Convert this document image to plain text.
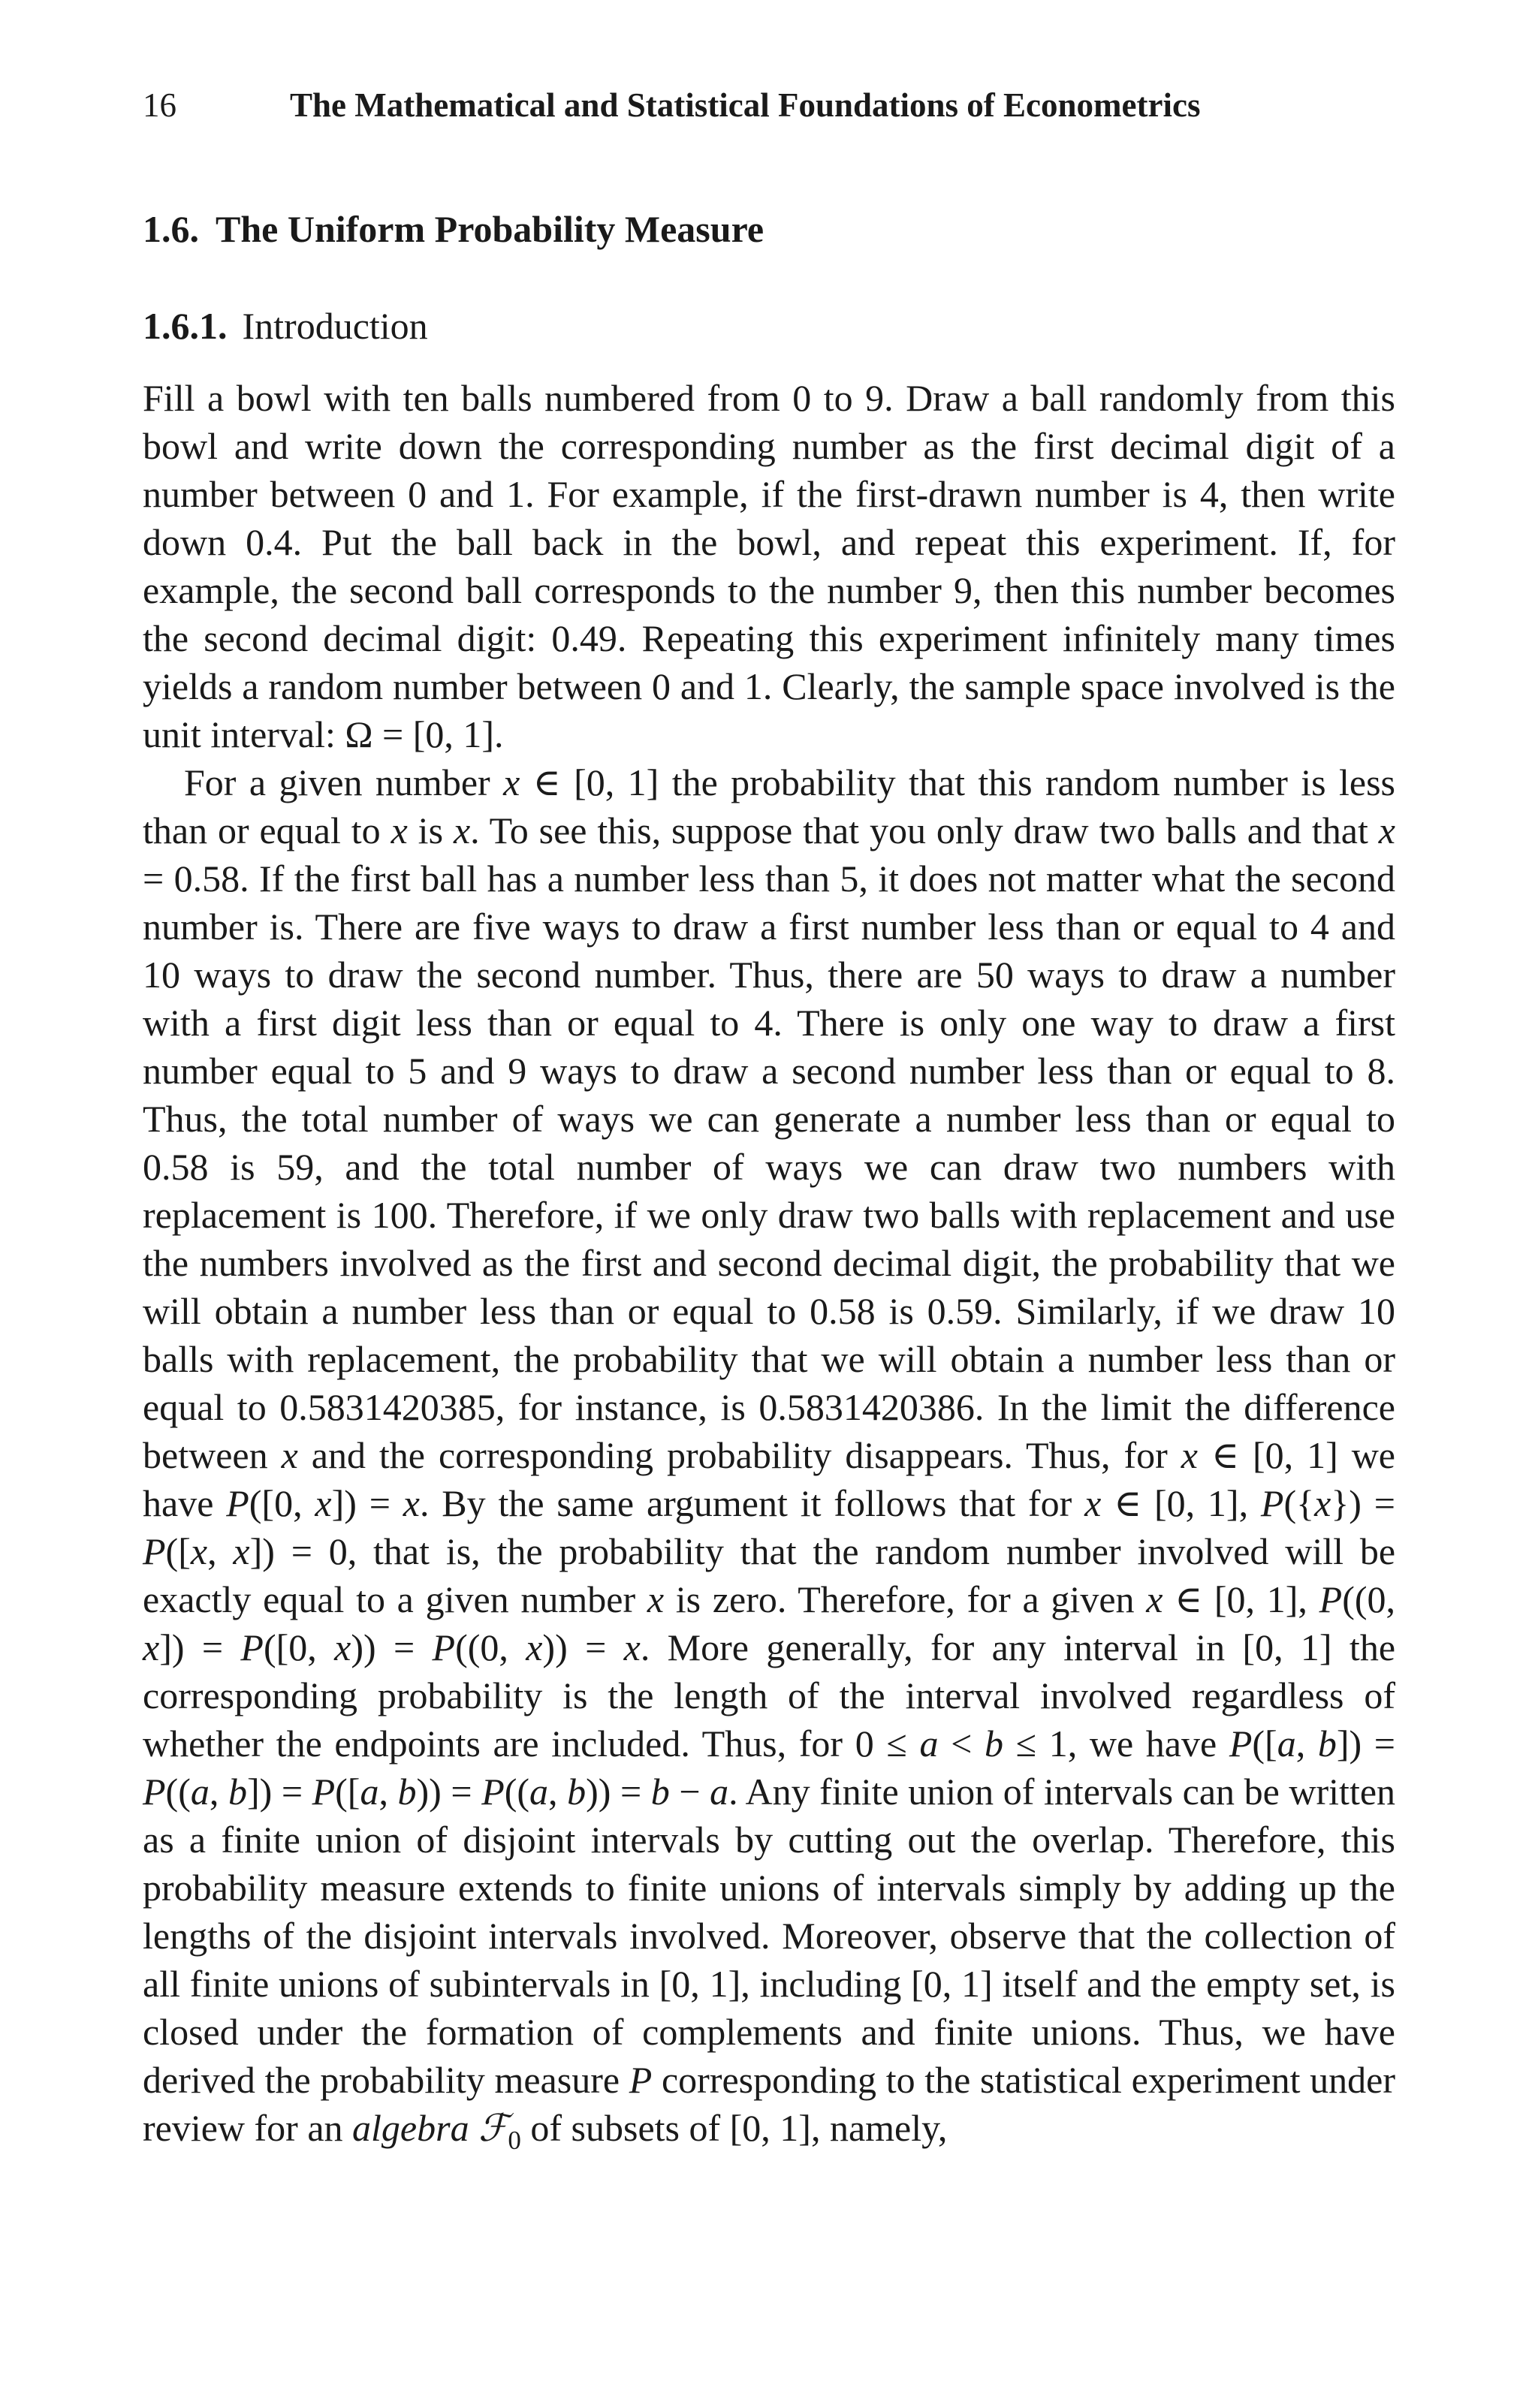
16	The Mathematical and Statistical Foundations of Econometrics
1.6. The Uniform Probability Measure
1.6.1. Introduction

Fill a bowl with ten balls numbered from 0 to 9. Draw a ball randomly from this bowl and write down the corresponding number as the first decimal digit of a number between 0 and 1. For example, if the first-drawn number is 4, then write down 0.4. Put the ball back in the bowl, and repeat this experiment. If, for example, the second ball corresponds to the number 9, then this number becomes the second decimal digit: 0.49. Repeating this experiment infinitely many times yields a random number between 0 and 1. Clearly, the sample space involved is the unit interval: Ω = [0, 1].

For a given number x ∈ [0, 1] the probability that this random number is less than or equal to x is x. To see this, suppose that you only draw two balls and that x = 0.58. If the first ball has a number less than 5, it does not matter what the second number is. There are five ways to draw a first number less than or equal to 4 and 10 ways to draw the second number. Thus, there are 50 ways to draw a number with a first digit less than or equal to 4. There is only one way to draw a first number equal to 5 and 9 ways to draw a second number less than or equal to 8. Thus, the total number of ways we can generate a number less than or equal to 0.58 is 59, and the total number of ways we can draw two numbers with replacement is 100. Therefore, if we only draw two balls with replacement and use the numbers involved as the first and second decimal digit, the probability that we will obtain a number less than or equal to 0.58 is 0.59. Similarly, if we draw 10 balls with replacement, the probability that we will obtain a number less than or equal to 0.5831420385, for instance, is 0.5831420386. In the limit the difference between x and the corresponding probability disappears. Thus, for x ∈ [0, 1] we have P([0, x]) = x. By the same argument it follows that for x ∈ [0, 1], P({x}) = P([x, x]) = 0, that is, the probability that the random number involved will be exactly equal to a given number x is zero. Therefore, for a given x ∈ [0, 1], P((0, x]) = P([0, x)) = P((0, x)) = x. More generally, for any interval in [0, 1] the corresponding probability is the length of the interval involved regardless of whether the endpoints are included. Thus, for 0 ≤ a < b ≤ 1, we have P([a, b]) = P((a, b]) = P([a, b)) = P((a, b)) = b − a. Any finite union of intervals can be written as a finite union of disjoint intervals by cutting out the overlap. Therefore, this probability measure extends to finite unions of intervals simply by adding up the lengths of the disjoint intervals involved. Moreover, observe that the collection of all finite unions of subintervals in [0, 1], including [0, 1] itself and the empty set, is closed under the formation of complements and finite unions. Thus, we have derived the probability measure P corresponding to the statistical experiment under review for an algebra ℱ$_0$ of subsets of [0, 1], namely,
